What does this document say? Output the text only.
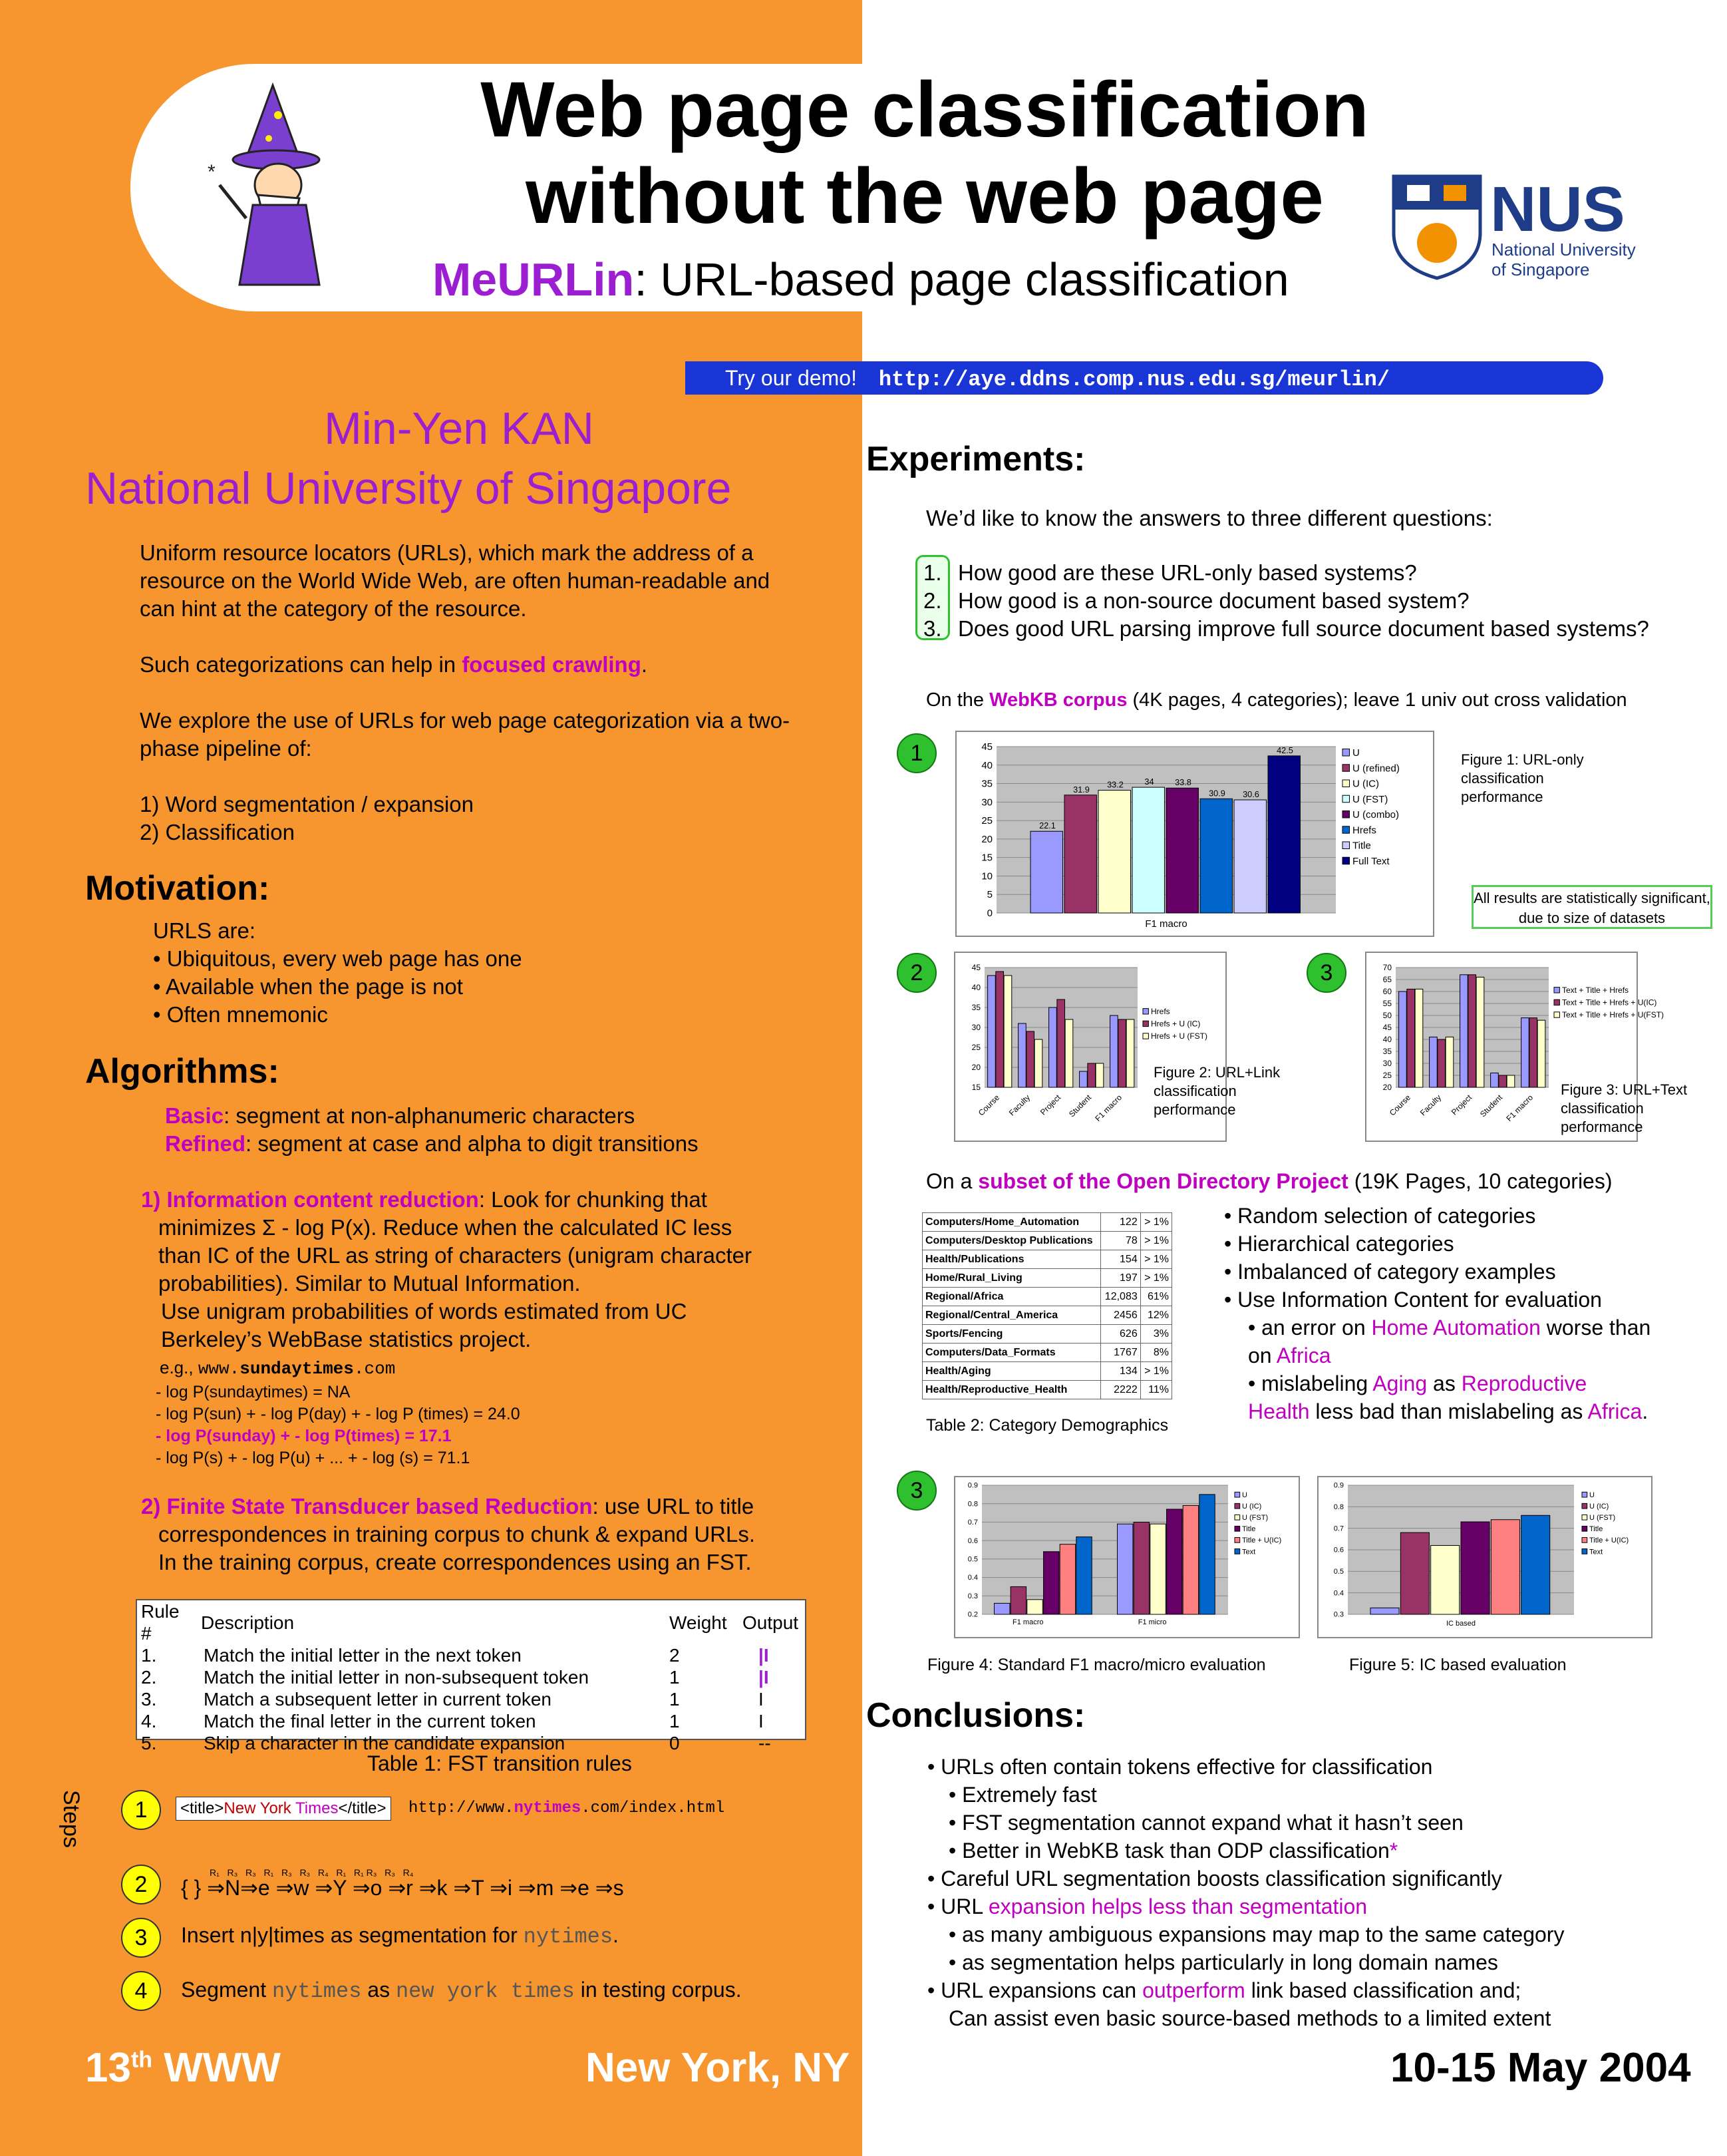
*
Web page classification
without the web page
MeURLin: URL-based page classification
NUS
National University
of Singapore
Try our demo! http://aye.ddns.comp.nus.edu.sg/meurlin/
Min-Yen KAN
National University of Singapore
Uniform resource locators (URLs), which mark the address of a
resource on the World Wide Web, are often human-readable and
can hint at the category of the resource.
Such categorizations can help in focused crawling.
We explore the use of URLs for web page categorization via a two-
phase pipeline of:
1) Word segmentation / expansion
2) Classification
Motivation:
URLS are:
• Ubiquitous, every web page has one
• Available when the page is not
• Often mnemonic
Algorithms:
Basic: segment at non-alphanumeric characters
Refined: segment at case and alpha to digit transitions
1) Information content reduction: Look for chunking that
minimizes Σ - log P(x). Reduce when the calculated IC less
than IC of the URL as string of characters (unigram character
probabilities). Similar to Mutual Information.
Use unigram probabilities of words estimated from UC
Berkeley’s WebBase statistics project.
e.g., www.sundaytimes.com
- log P(sundaytimes) = NA
- log P(sun) + - log P(day) + - log P (times) = 24.0
- log P(sunday) + - log P(times) = 17.1
- log P(s) + - log P(u) + ... + - log (s) = 71.1
2) Finite State Transducer based Reduction: use URL to title
correspondences in training corpus to chunk & expand URLs.
In the training corpus, create correspondences using an FST.
Rule #	Description	Weight	Output
1.	Match the initial letter in the next token	2	|I
2.	Match the initial letter in non-subsequent token	1	|I
3.	Match a subsequent letter in current token	1	I
4.	Match the final letter in the current token	1	I
5.	Skip a character in the candidate expansion	0	--
Table 1: FST transition rules
Steps	1	<title>New York Times</title> http://www.nytimes.com/index.html
2	R₁   R₃   R₃   R₁   R₃   R₃   R₄   R₁   R₁ R₃   R₃   R₄
{ } ⇒N⇒e ⇒w ⇒Y ⇒o ⇒r ⇒k ⇒T ⇒i ⇒m ⇒e ⇒s
3	Insert n|y|times as segmentation for nytimes.
4	Segment nytimes as new york times in testing corpus.
Experiments:
We’d like to know the answers to three different questions:
1. How good are these URL-only based systems?
2. How good is a non-source document based system?
3. Does good URL parsing improve full source document based systems?
On the WebKB corpus (4K pages, 4 categories); leave 1 univ out cross validation
1
0
5
10
15
20
25
30
35
40
45
22.1
31.9 33.2 34 33.8
30.9 30.6
42.5
F1 macro
U
U (refined)
U (IC)
U (FST)
U (combo)
Hrefs
Title
Full Text
Figure 1: URL-only classification performance
All results are statistically significant, due to size of datasets
2
15
20
25
30
35
40
45
Course Faculty Project Student F1 macro
Hrefs
Hrefs + U (IC)
Hrefs + U (FST)
Figure 2: URL+Link classification performance
3
20
25
30
35
40
45
50
55
60
65
70
Course Faculty Project Student F1 macro
Text + Title + Hrefs
Text + Title + Hrefs + U(IC)
Text + Title + Hrefs + U(FST)
Figure 3: URL+Text classification performance
On a subset of the Open Directory Project (19K Pages, 10 categories)
Computers/Home_Automation	122	> 1%
Computers/Desktop Publications	78	> 1%
Health/Publications	154	> 1%
Home/Rural_Living	197	> 1%
Regional/Africa	12,083	61%
Regional/Central_America	2456	12%
Sports/Fencing	626	3%
Computers/Data_Formats	1767	8%
Health/Aging	134	> 1%
Health/Reproductive_Health	2222	11%
Table 2: Category Demographics
• Random selection of categories
• Hierarchical categories
• Imbalanced of category examples
• Use Information Content for evaluation
• an error on Home Automation worse than
on Africa
• mislabeling Aging as Reproductive
Health less bad than mislabeling as Africa.
3
0.2
0.3
0.4
0.5
0.6
0.7
0.8
0.9
F1 macro	F1 micro
U
U (IC)
U (FST)
Title
Title + U(IC)
Text
0.3
0.4
0.5
0.6
0.7
0.8
0.9
IC based
U
U (IC)
U (FST)
Title
Title + U(IC)
Text
Figure 4: Standard F1 macro/micro evaluation	Figure 5: IC based evaluation
Conclusions:
• URLs often contain tokens effective for classification
• Extremely fast
• FST segmentation cannot expand what it hasn’t seen
• Better in WebKB task than ODP classification*
• Careful URL segmentation boosts classification significantly
• URL expansion helps less than segmentation
• as many ambiguous expansions may map to the same category
• as segmentation helps particularly in long domain names
• URL expansions can outperform link based classification and;
Can assist even basic source-based methods to a limited extent
13th WWW	New York, NY USA	10-15 May 2004
